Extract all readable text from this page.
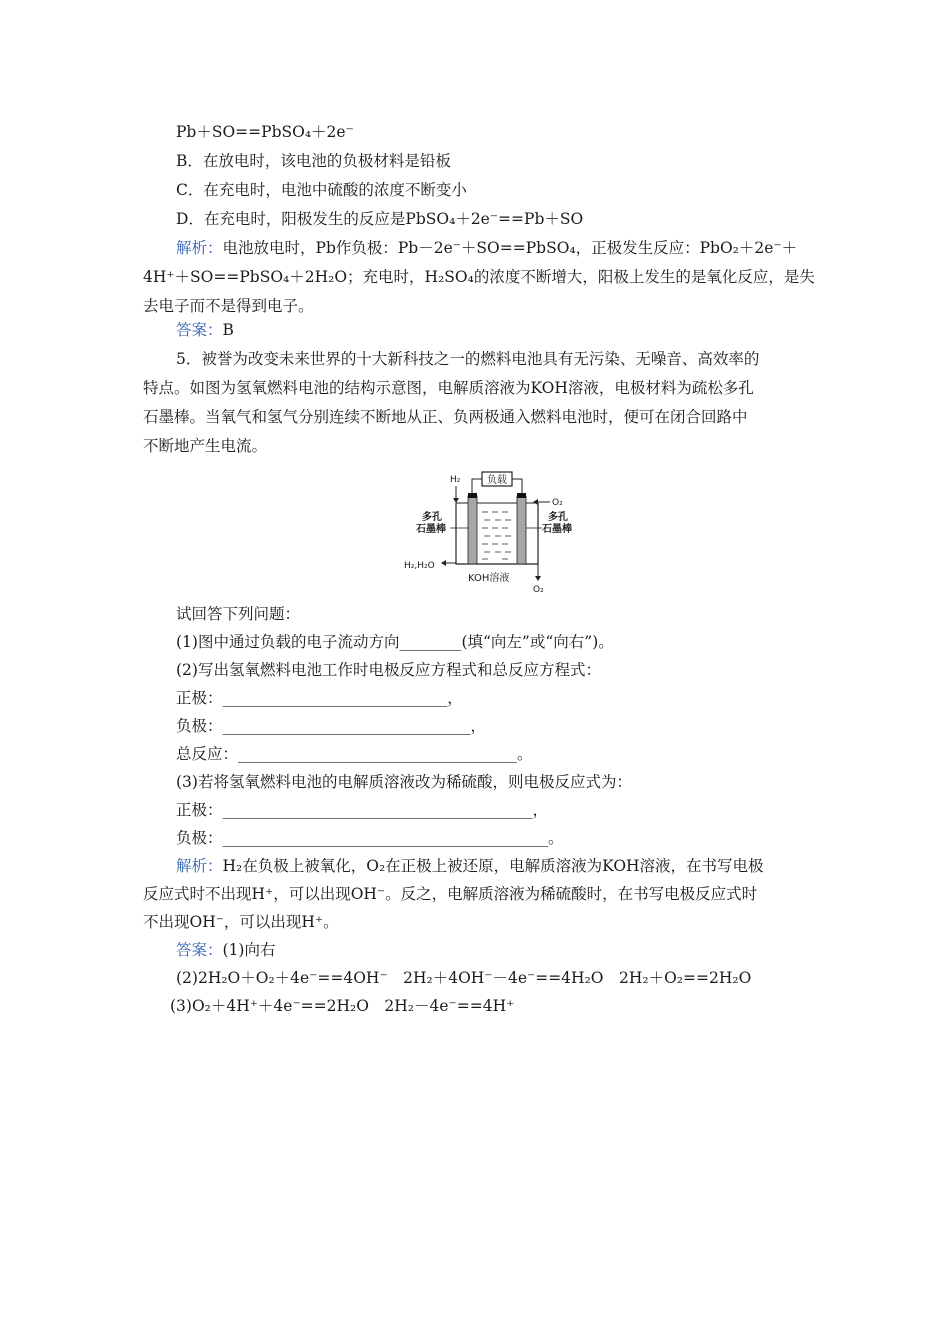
Pb＋SO==PbSO₄＋2e⁻
B．在放电时，该电池的负极材料是铅板
C．在充电时，电池中硫酸的浓度不断变小
D．在充电时，阳极发生的反应是PbSO₄＋2e⁻==Pb＋SO
解析：电池放电时，Pb作负极：Pb－2e⁻＋SO==PbSO₄，正极发生反应：PbO₂＋2e⁻＋
4H⁺＋SO==PbSO₄＋2H₂O；充电时，H₂SO₄的浓度不断增大，阳极上发生的是氧化反应，是失
去电子而不是得到电子。
答案：B
5．被誉为改变未来世界的十大新科技之一的燃料电池具有无污染、无噪音、高效率的
特点。如图为氢氧燃料电池的结构示意图，电解质溶液为KOH溶液，电极材料为疏松多孔
石墨棒。当氧气和氢气分别连续不断地从正、负两极通入燃料电池时，便可在闭合回路中
不断地产生电流。
负载
H₂
O₂
多孔
石墨棒
多孔
石墨棒
H₂,H₂O
KOH溶液
O₂
试回答下列问题：
(1)图中通过负载的电子流动方向________(填“向左”或“向右”)。
(2)写出氢氧燃料电池工作时电极反应方程式和总反应方程式：
正极：_____________________________，
负极：________________________________，
总反应：____________________________________。
(3)若将氢氧燃料电池的电解质溶液改为稀硫酸，则电极反应式为：
正极：________________________________________，
负极：__________________________________________。
解析：H₂在负极上被氧化，O₂在正极上被还原，电解质溶液为KOH溶液，在书写电极
反应式时不出现H⁺，可以出现OH⁻。反之，电解质溶液为稀硫酸时，在书写电极反应式时
不出现OH⁻，可以出现H⁺。
答案：(1)向右
(2)2H₂O＋O₂＋4e⁻==4OH⁻　2H₂＋4OH⁻－4e⁻==4H₂O　2H₂＋O₂==2H₂O
(3)O₂＋4H⁺＋4e⁻==2H₂O　2H₂－4e⁻==4H⁺
